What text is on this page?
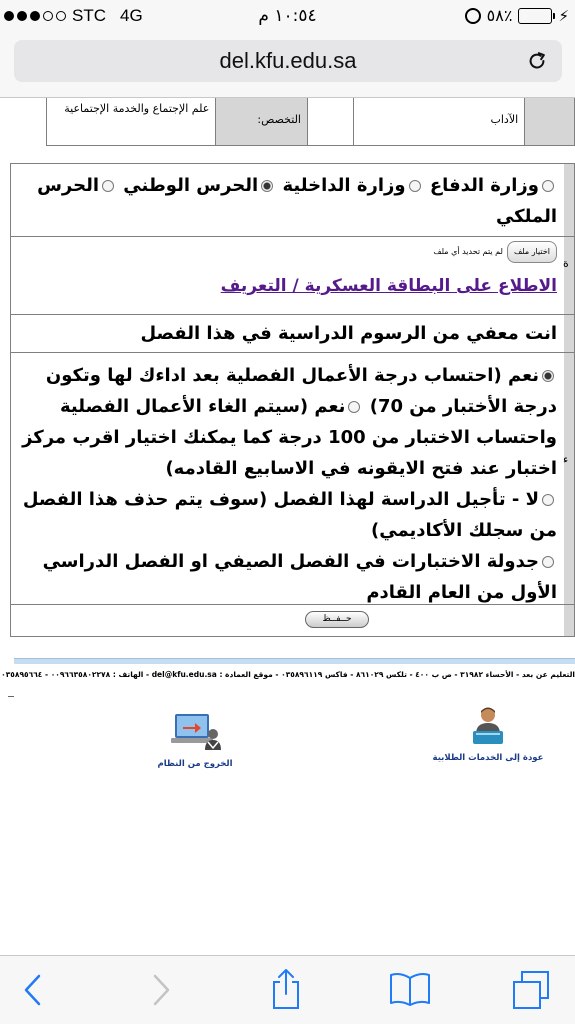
STC 4G	١٠:٥٤ م	٥٨٪	⚡
del.kfu.edu.sa
علم الإجتماع والخدمة الإجتماعية
التخصص:	الآداب
وزارة الدفاع وزارة الداخلية الحرس الوطني الحرس الملكي
ة
اختيار ملفلم يتم تحديد أي ملف
الاطلاع على البطاقة العسكرية / التعريف
انت معفي من الرسوم الدراسية في هذا الفصل
ء
نعم (احتساب درجة الأعمال الفصلية بعد اداءك لها وتكون درجة الأختبار من 70) نعم (سيتم الغاء الأعمال الفصلية واحتساب الاختبار من 100 درجة كما يمكنك اختيار اقرب مركز اختبار عند فتح الايقونه في الاسابيع القادمه)
لا - تأجيل الدراسة لهذا الفصل (سوف يتم حذف هذا الفصل من سجلك الأكاديمي)
جدولة الاختبارات في الفصل الصيفي او الفصل الدراسي الأول من العام القادم
حــفــظ
التعليم عن بعد - الأحساء ٣١٩٨٢ - ص ب ٤٠٠ - تلكس ٨٦١٠٢٩ - فاكس ٠٣٥٨٩٦١١٩ - موقع العمادة : del@kfu.edu.sa - الهاتف : ٠٠٩٦٦٣٥٨٠٢٢٧٨ - ٠٣٥٨٩٥٦٦٤
عودة إلى الخدمات الطلابية
الخروج من النظام
